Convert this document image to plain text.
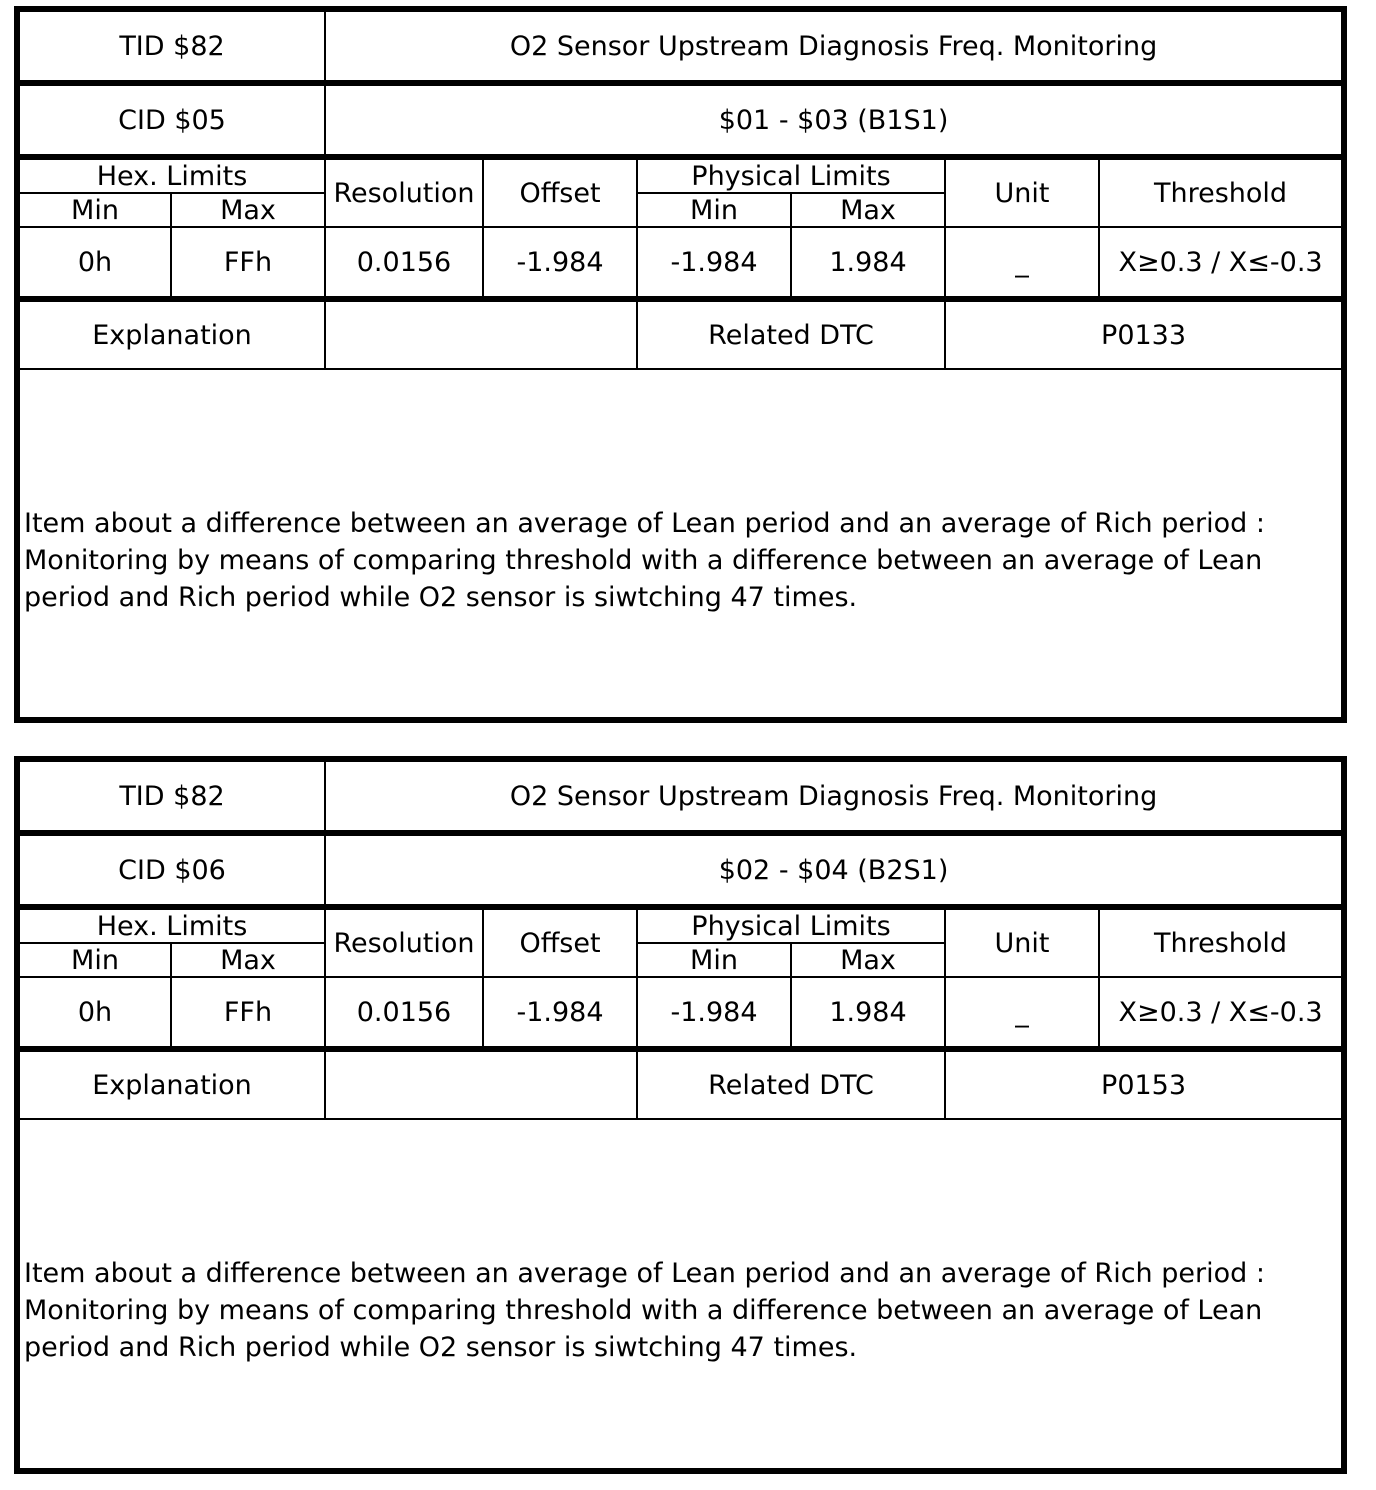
TID $82		O2 Sensor Upstream Diagnosis Freq. Monitoring					
CID $05		$01 - $03 (B1S1)					
Hex. Limits		Resolution	Offset	Physical Limits		Unit	Threshold
Min	Max			Min	Max		
0h	FFh	0.0156	-1.984	-1.984	1.984	_	X≥0.3 / X≤-0.3
Explanation				Related DTC		P0133	
Item about a difference between an average of Lean period and an average of Rich period :
Monitoring by means of comparing threshold with a difference between an average of Lean
period and Rich period while O2 sensor is siwtching 47 times.
TID $82		O2 Sensor Upstream Diagnosis Freq. Monitoring					
CID $06		$02 - $04 (B2S1)					
Hex. Limits		Resolution	Offset	Physical Limits		Unit	Threshold
Min	Max			Min	Max		
0h	FFh	0.0156	-1.984	-1.984	1.984	_	X≥0.3 / X≤-0.3
Explanation				Related DTC		P0153	
Item about a difference between an average of Lean period and an average of Rich period :
Monitoring by means of comparing threshold with a difference between an average of Lean
period and Rich period while O2 sensor is siwtching 47 times.
